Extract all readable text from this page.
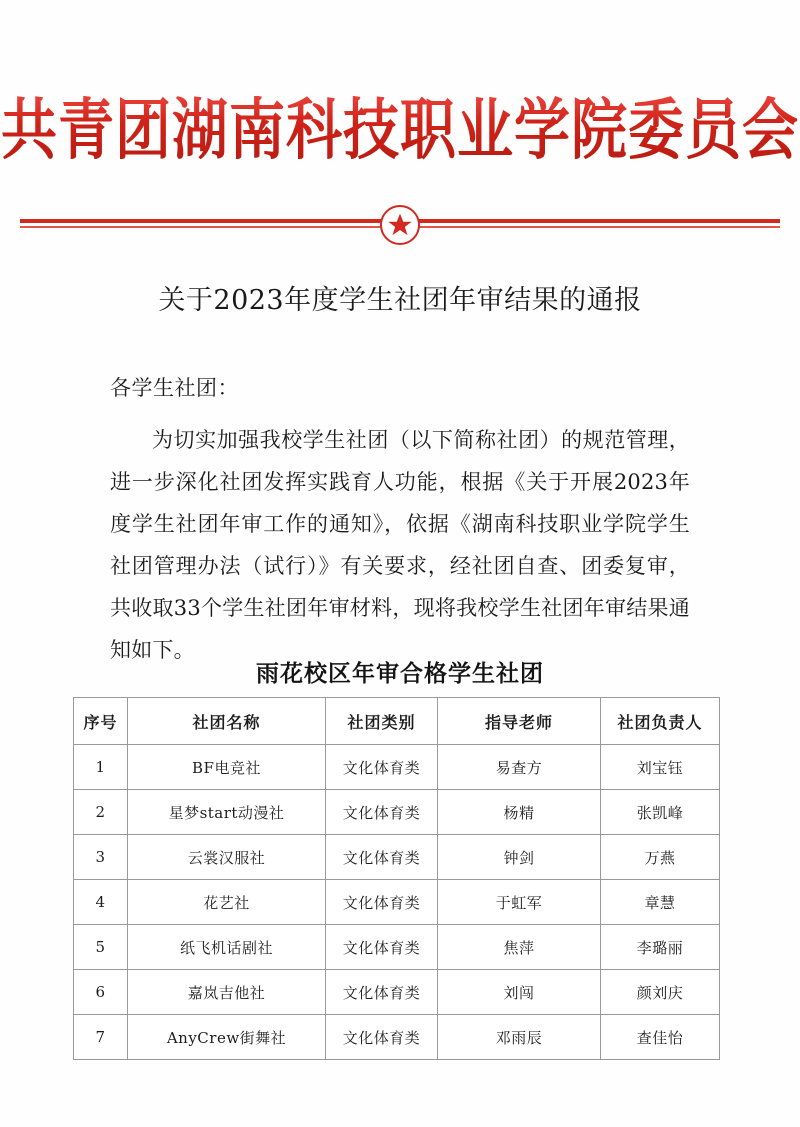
共青团湖南科技职业学院委员会
关于2023年度学生社团年审结果的通报
各学生社团：
为切实加强我校学生社团（以下简称社团）的规范管理，进一步深化社团发挥实践育人功能，根据《关于开展2023年度学生社团年审工作的通知》，依据《湖南科技职业学院学生社团管理办法（试行）》有关要求，经社团自查、团委复审，共收取33个学生社团年审材料，现将我校学生社团年审结果通知如下。
雨花校区年审合格学生社团
序号	社团名称	社团类别	指导老师	社团负责人
1	BF电竞社	文化体育类	易查方	刘宝钰
2	星梦start动漫社	文化体育类	杨精	张凯峰
3	云裳汉服社	文化体育类	钟剑	万燕
4	花艺社	文化体育类	于虹军	章慧
5	纸飞机话剧社	文化体育类	焦萍	李璐丽
6	嘉岚吉他社	文化体育类	刘闯	颜刘庆
7	AnyCrew街舞社	文化体育类	邓雨辰	查佳怡
